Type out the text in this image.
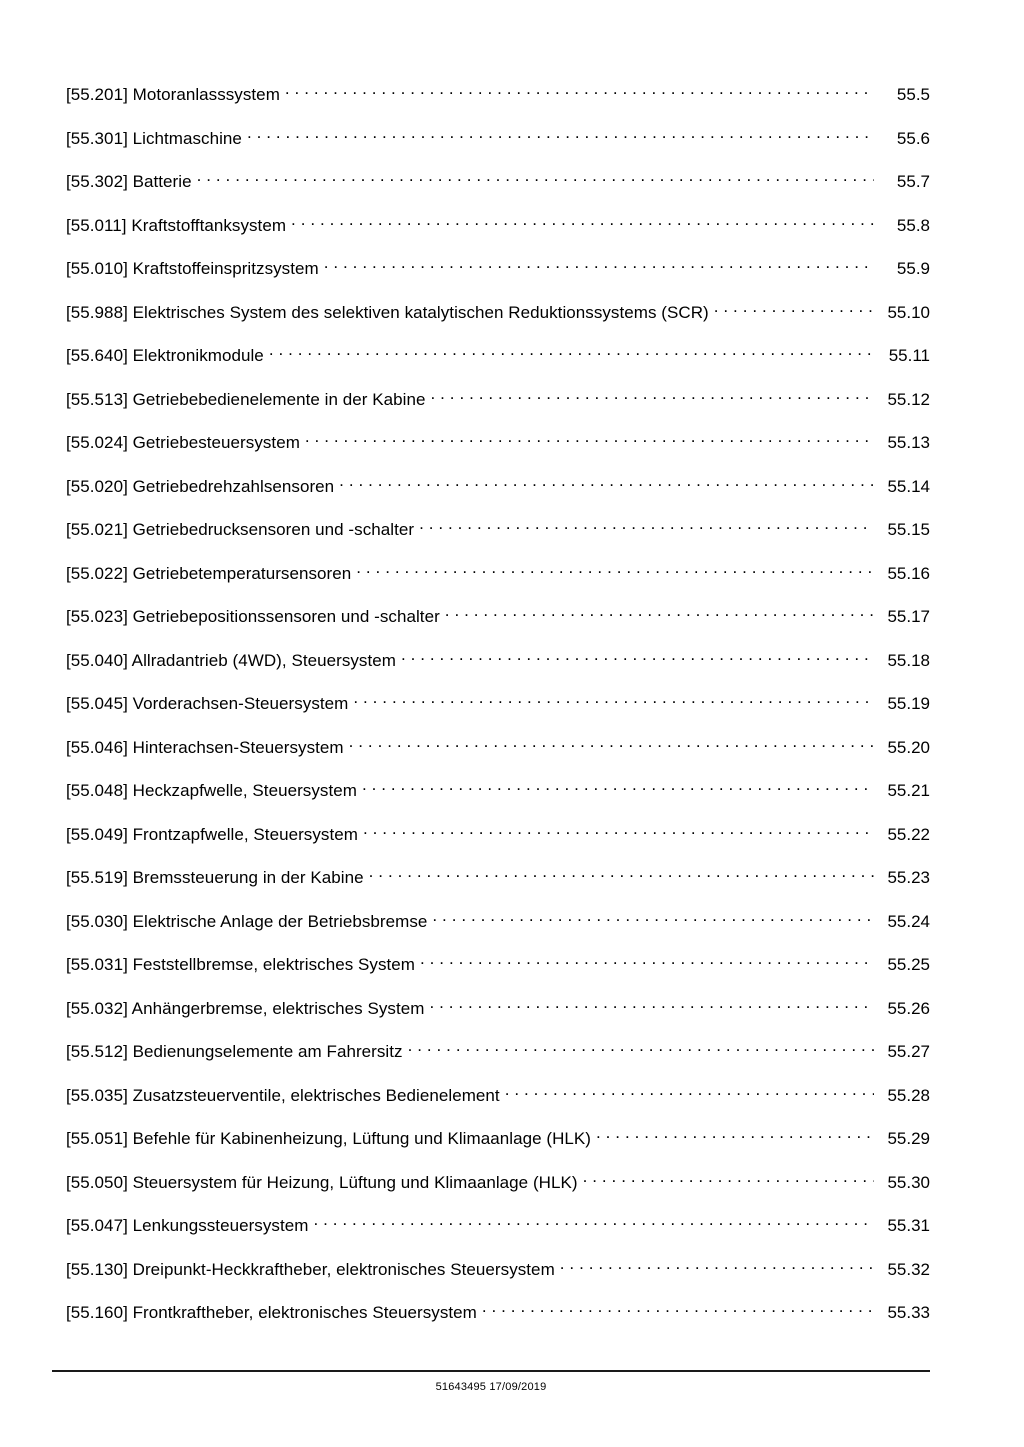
[55.201] Motoranlasssystem . . .	55.5
[55.301] Lichtmaschine . . .	55.6
[55.302] Batterie . . .	55.7
[55.011] Kraftstofftanksystem . . .	55.8
[55.010] Kraftstoffeinspritzsystem . . .	55.9
[55.988] Elektrisches System des selektiven katalytischen Reduktionssystems (SCR) . . .	55.10
[55.640] Elektronikmodule . . .	55.11
[55.513] Getriebebedienelemente in der Kabine . . .	55.12
[55.024] Getriebesteuersystem . . .	55.13
[55.020] Getriebedrehzahlsensoren . . .	55.14
[55.021] Getriebedrucksensoren und -schalter . . .	55.15
[55.022] Getriebetemperatursensoren . . .	55.16
[55.023] Getriebepositionssensoren und -schalter . . .	55.17
[55.040] Allradantrieb (4WD), Steuersystem . . .	55.18
[55.045] Vorderachsen-Steuersystem . . .	55.19
[55.046] Hinterachsen-Steuersystem . . .	55.20
[55.048] Heckzapfwelle, Steuersystem . . .	55.21
[55.049] Frontzapfwelle, Steuersystem . . .	55.22
[55.519] Bremssteuerung in der Kabine . . .	55.23
[55.030] Elektrische Anlage der Betriebsbremse . . .	55.24
[55.031] Feststellbremse, elektrisches System . . .	55.25
[55.032] Anhängerbremse, elektrisches System . . .	55.26
[55.512] Bedienungselemente am Fahrersitz . . .	55.27
[55.035] Zusatzsteuerventile, elektrisches Bedienelement . . .	55.28
[55.051] Befehle für Kabinenheizung, Lüftung und Klimaanlage (HLK) . . .	55.29
[55.050] Steuersystem für Heizung, Lüftung und Klimaanlage (HLK) . . .	55.30
[55.047] Lenkungssteuersystem . . .	55.31
[55.130] Dreipunkt-Heckkraftheber, elektronisches Steuersystem . . .	55.32
[55.160] Frontkraftheber, elektronisches Steuersystem . . .	55.33
51643495 17/09/2019
